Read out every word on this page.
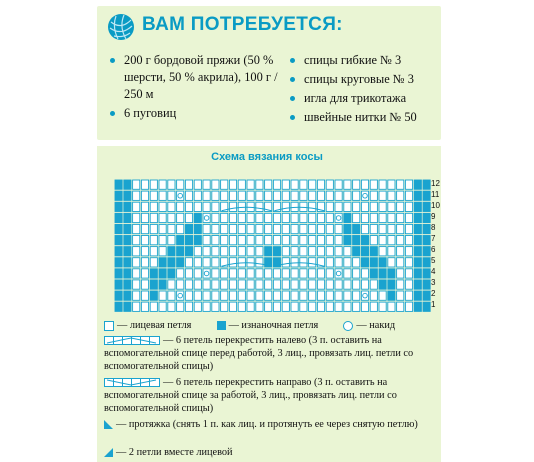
ВАМ ПОТРЕБУЕТСЯ:
200 г бордовой пряжи (50 % шерсти, 50 % акрила), 100 г / 250 м
6 пуговиц
спицы гибкие № 3
спицы круговые № 3
игла для трикотажа
швейные нитки № 50
Схема вязания косы
12
11
10
9
8
7
6
5
4
3
2
1
— лицевая петля	— изнаночная петля	— накид
— 6 петель перекрестить налево (3 п. оставить на вспомогательной спице перед работой, 3 лиц., провязать лиц. петли со вспомогательной спицы)
— 6 петель перекрестить направо (3 п. оставить на вспомогательной спице за работой, 3 лиц., провязать лиц. петли со вспомогательной спицы)
— протяжка (снять 1 п. как лиц. и протянуть ее через снятую петлю)
— 2 петли вместе лицевой
